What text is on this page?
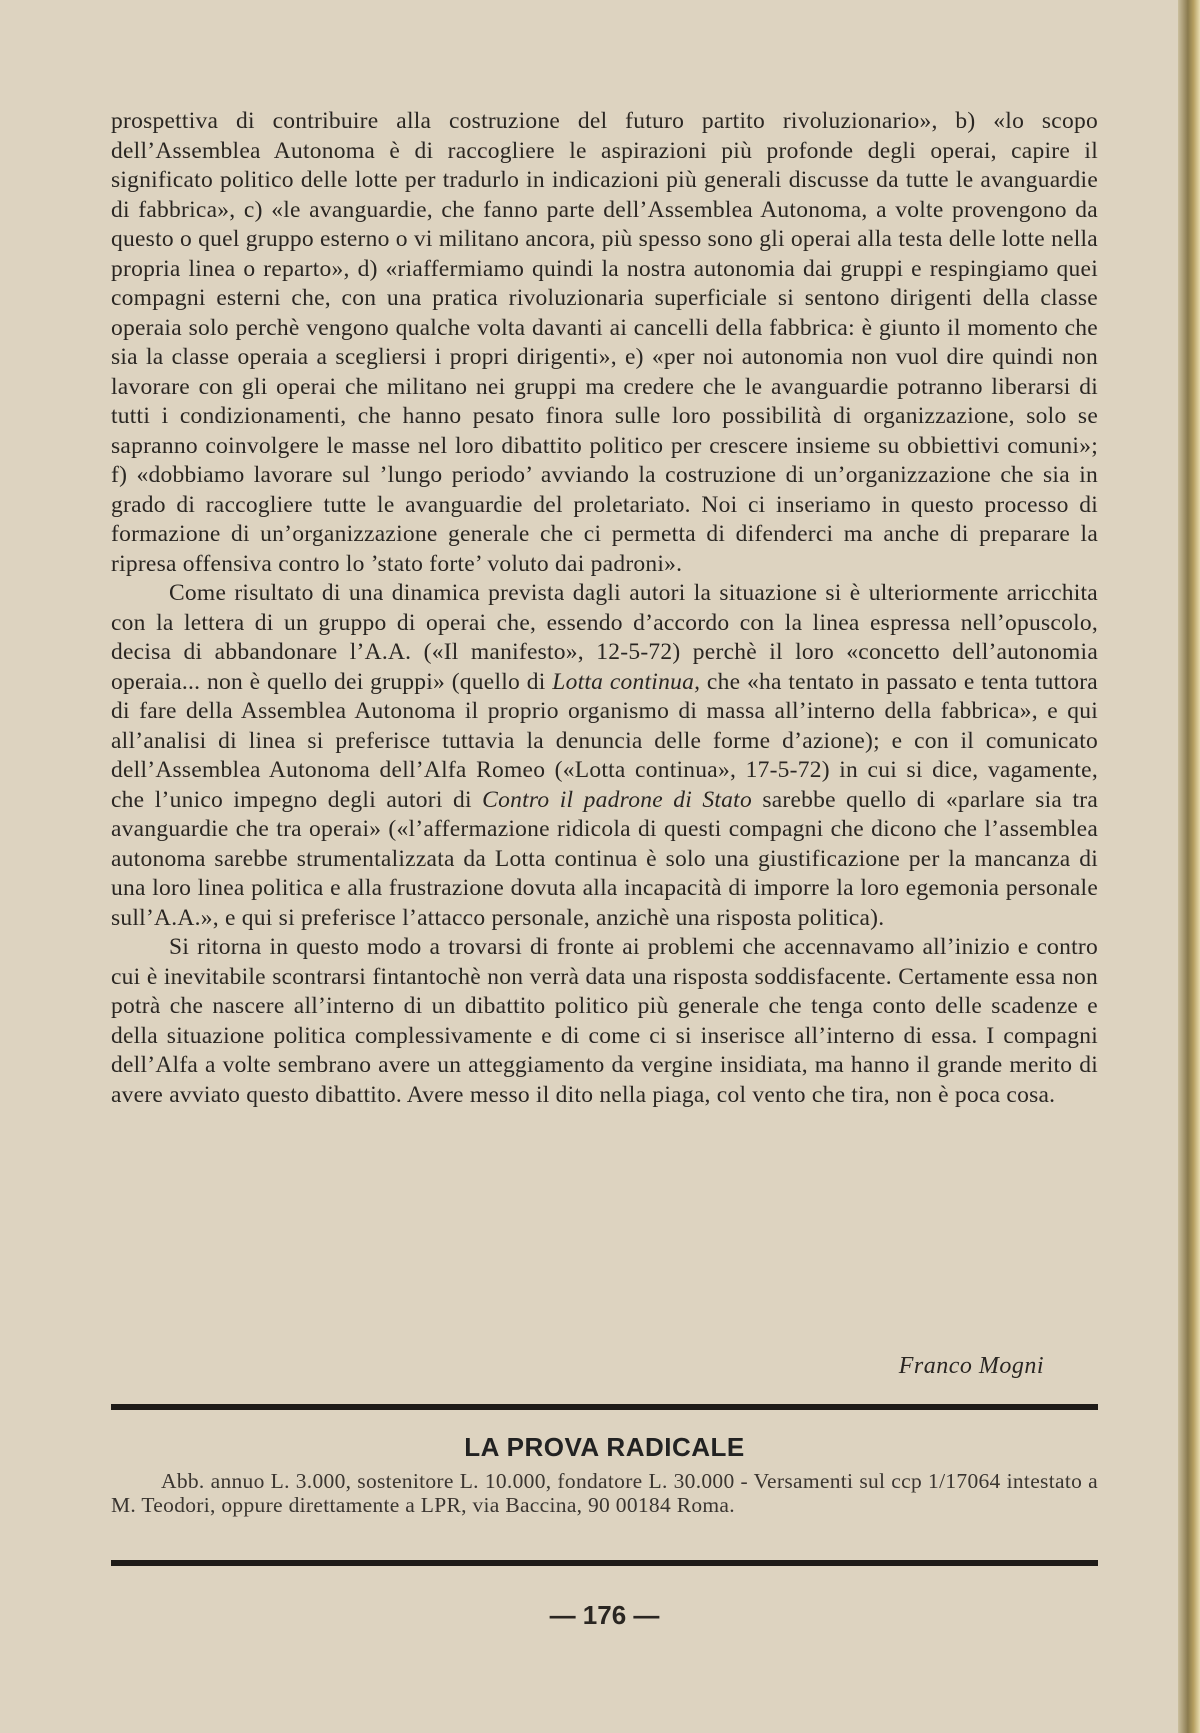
prospettiva di contribuire alla costruzione del futuro partito rivoluzionario», b) «lo scopo dell’Assemblea Autonoma è di raccogliere le aspirazioni più profonde degli operai, capire il significato politico delle lotte per tradurlo in indicazioni più generali discusse da tutte le avanguardie di fabbrica», c) «le avanguardie, che fanno parte dell’Assemblea Autonoma, a volte provengono da questo o quel gruppo esterno o vi militano ancora, più spesso sono gli operai alla testa delle lotte nella propria linea o reparto», d) «riaffermiamo quindi la nostra autonomia dai gruppi e respingiamo quei compagni esterni che, con una pratica rivoluzionaria superficiale si sentono dirigenti della classe operaia solo perchè vengono qualche volta davanti ai cancelli della fabbrica: è giunto il momento che sia la classe operaia a scegliersi i propri dirigenti», e) «per noi autonomia non vuol dire quindi non lavorare con gli operai che militano nei gruppi ma credere che le avanguardie potranno liberarsi di tutti i condizionamenti, che hanno pesato finora sulle loro possibilità di organizzazione, solo se sapranno coinvolgere le masse nel loro dibattito politico per crescere insieme su obbiettivi comuni»; f) «dobbiamo lavorare sul ’lungo periodo’ avviando la costruzione di un’organizzazione che sia in grado di raccogliere tutte le avanguardie del proletariato. Noi ci inseriamo in questo processo di formazione di un’organizzazione generale che ci permetta di difenderci ma anche di prepararе la ripresa offensiva contro lo ’stato forte’ voluto dai padroni».

Come risultato di una dinamica prevista dagli autori la situazione si è ulteriormente arricchita con la lettera di un gruppo di operai che, essendo d’accordo con la linea espressa nell’opuscolo, decisa di abbandonare l’A.A. («Il manifesto», 12-5-72) perchè il loro «concetto dell’autonomia operaia... non è quello dei gruppi» (quello di Lotta continua, che «ha tentato in passato e tenta tuttora di fare della Assemblea Autonoma il proprio organismo di massa all’interno della fabbrica», e qui all’analisi di linea si preferisce tuttavia la denuncia delle forme d’azione); e con il comunicato dell’Assemblea Autonoma dell’Alfa Romeo («Lotta continua», 17-5-72) in cui si dice, vagamente, che l’unico impegno degli autori di Contro il padrone di Stato sarebbe quello di «parlare sia tra avanguardie che tra operai» («l’affermazione ridicola di questi compagni che dicono che l’assemblea autonoma sarebbe strumentalizzata da Lotta continua è solo una giustificazione per la mancanza di una loro linea politica e alla frustrazione dovuta alla incapacità di imporre la loro egemonia personale sull’A.A.», e qui si preferisce l’attacco personale, anzichè una risposta politica).

Si ritorna in questo modo a trovarsi di fronte ai problemi che accennavamo all’inizio e contro cui è inevitabile scontrarsi fintantochè non verrà data una risposta soddisfacente. Certamente essa non potrà che nascere all’interno di un dibattito politico più generale che tenga conto delle scadenze e della situazione politica complessivamente e di come ci si inserisce all’interno di essa. I compagni dell’Alfa a volte sembrano avere un atteggiamento da vergine insidiata, ma hanno il grande merito di avere avviato questo dibattito. Avere messo il dito nella piaga, col vento che tira, non è poca cosa.

Franco Mogni
LA PROVA RADICALE

Abb. annuo L. 3.000, sostenitore L. 10.000, fondatore L. 30.000 - Versamenti sul ccp 1/17064 intestato a M. Teodori, oppure direttamente a LPR, via Baccina, 90 00184 Roma.

— 176 —
